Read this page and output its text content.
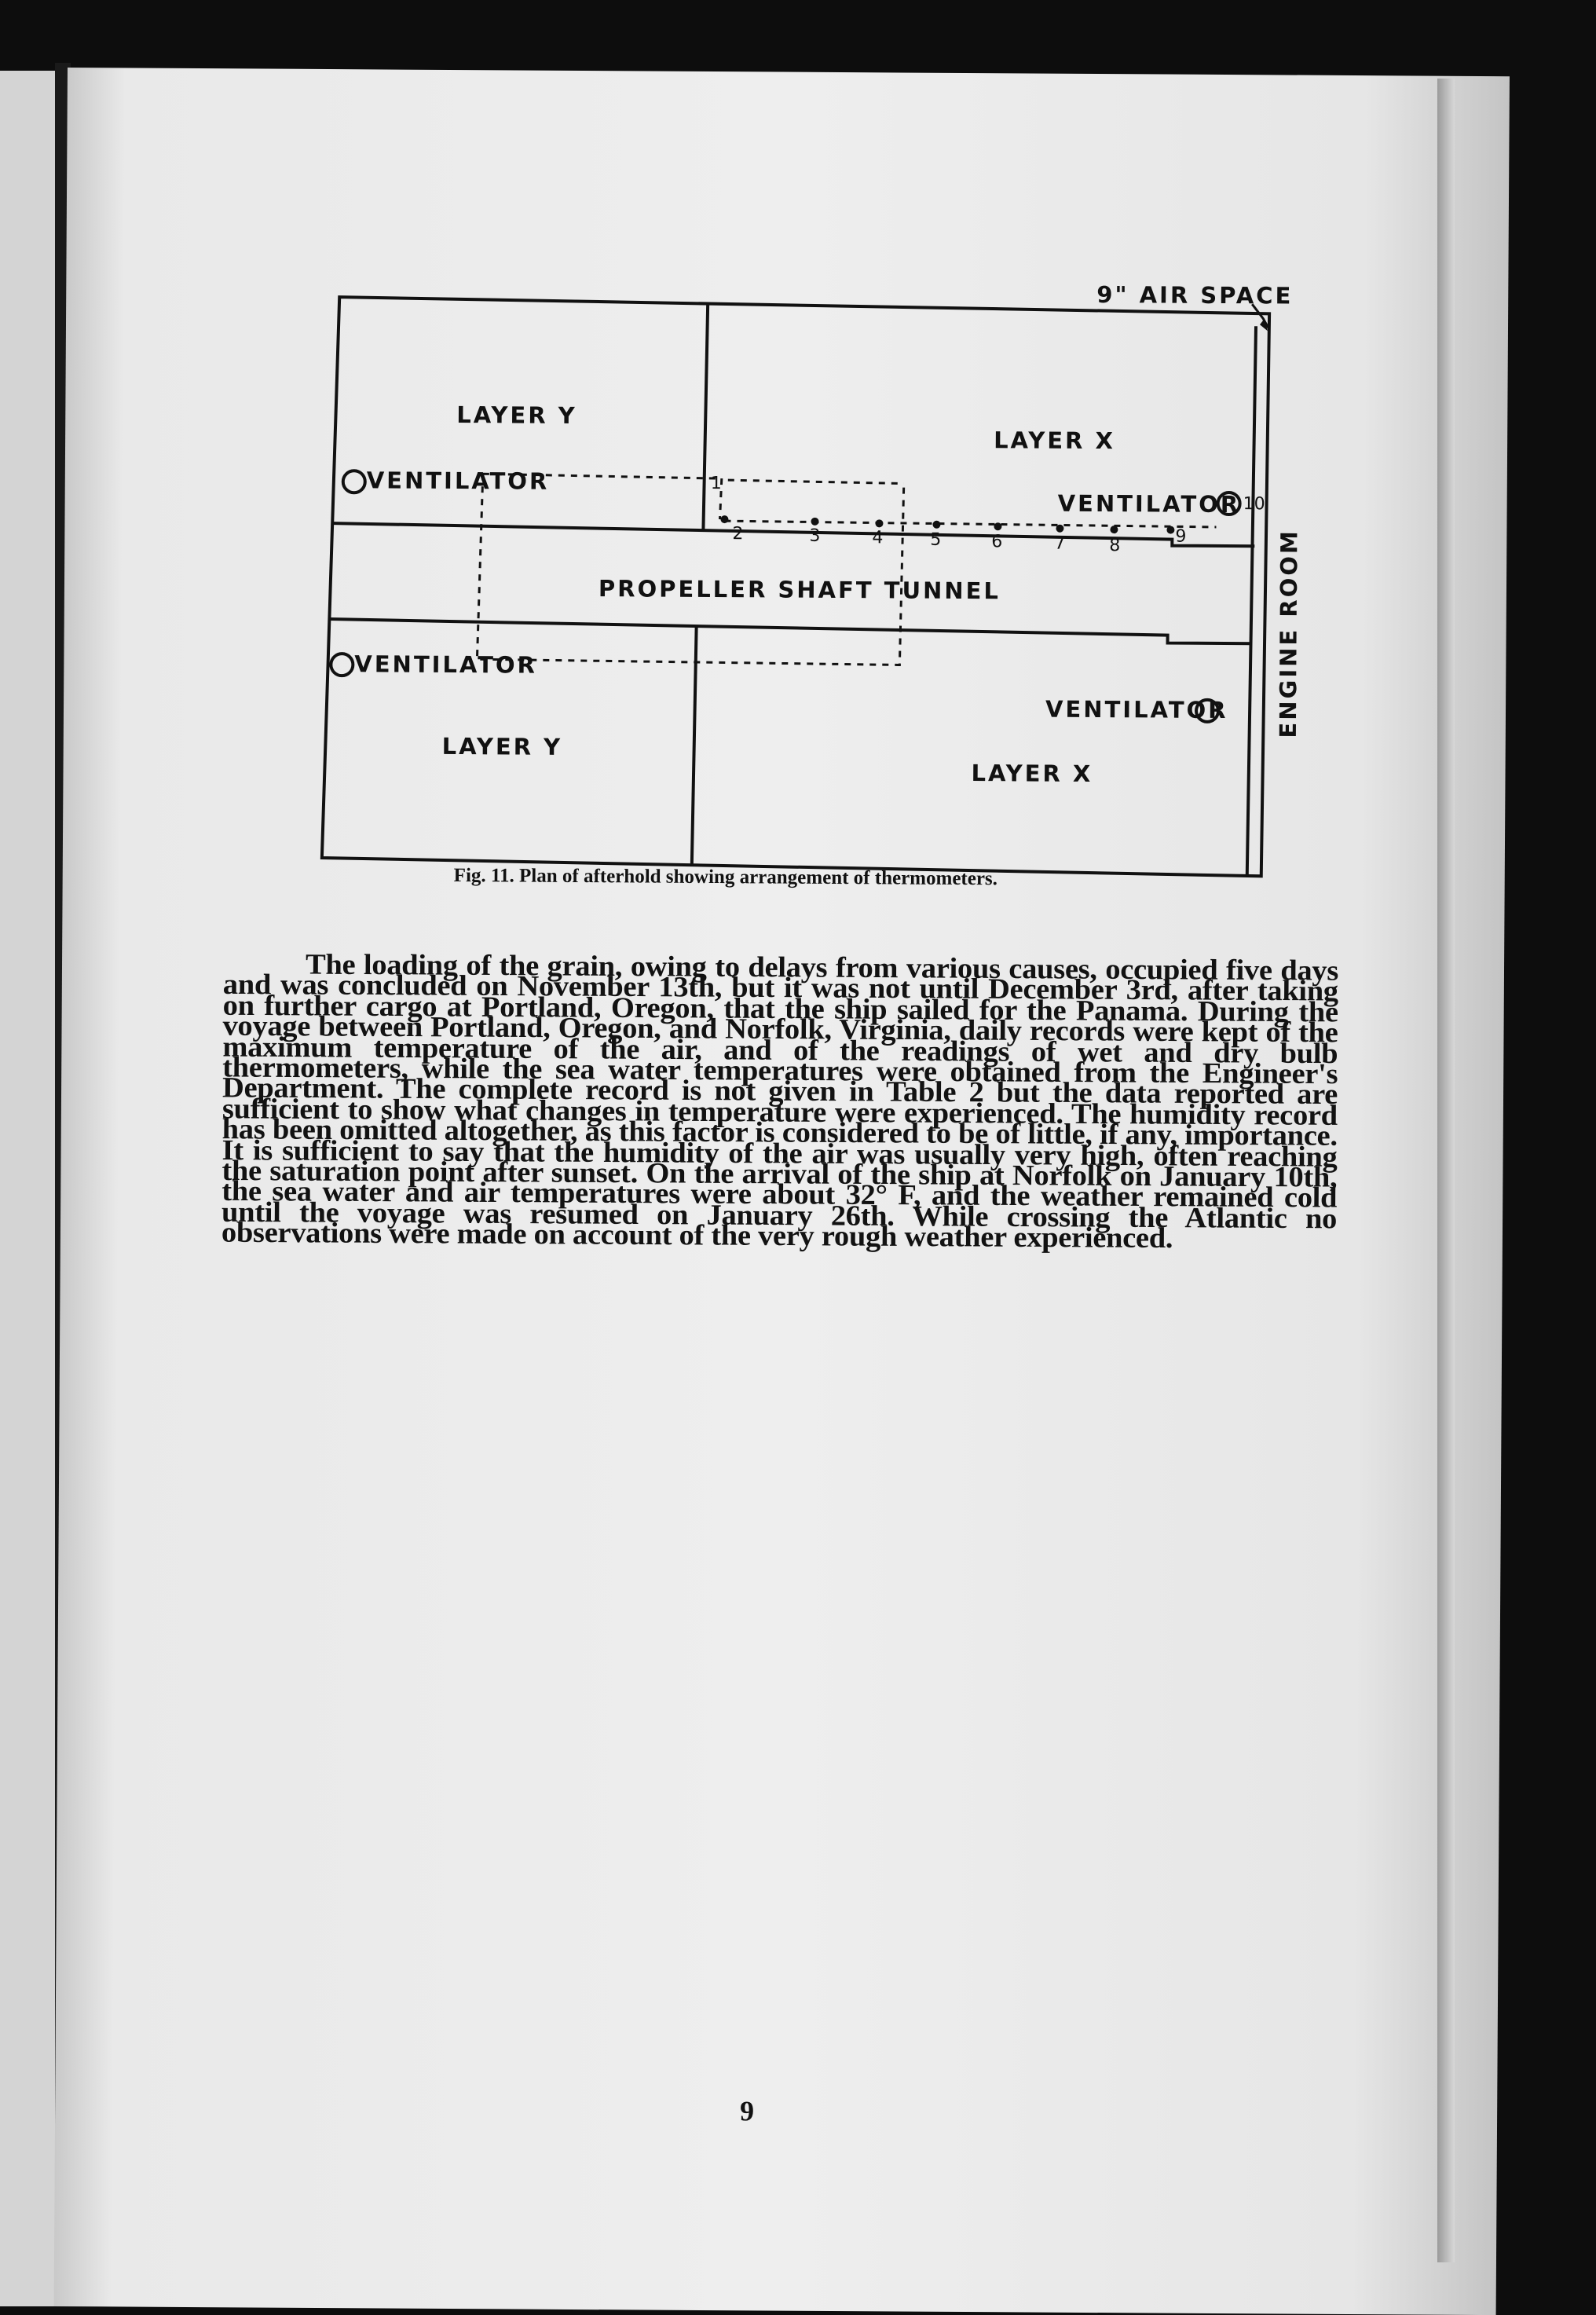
9" AIR SPACE
LAYER Y
LAYER X
VENTILATOR
VENTILATOR
PROPELLER SHAFT TUNNEL
VENTILATOR
VENTILATOR
LAYER Y
LAYER X
ENGINE ROOM
1
2	3	4	5	6	7	8	9
10
Fig. 11. Plan of afterhold showing arrangement of thermometers.

The loading of the grain, owing to delays from various causes, occupied five days and was concluded on November 13th, but it was not until December 3rd, after taking on further cargo at Portland, Oregon, that the ship sailed for the Panama. During the voyage between Portland, Oregon, and Norfolk, Virginia, daily records were kept of the maximum temperature of the air, and of the readings of wet and dry bulb thermometers, while the sea water temperatures were obtained from the Engineer's Department. The complete record is not given in Table 2 but the data reported are sufficient to show what changes in temperature were experienced. The humidity record has been omitted altogether, as this factor is considered to be of little, if any, importance. It is sufficient to say that the humidity of the air was usually very high, often reaching the saturation point after sunset. On the arrival of the ship at Norfolk on January 10th, the sea water and air temperatures were about 32° F, and the weather remained cold until the voyage was resumed on January 26th. While crossing the Atlantic no observations were made on account of the very rough weather experienced.

9
